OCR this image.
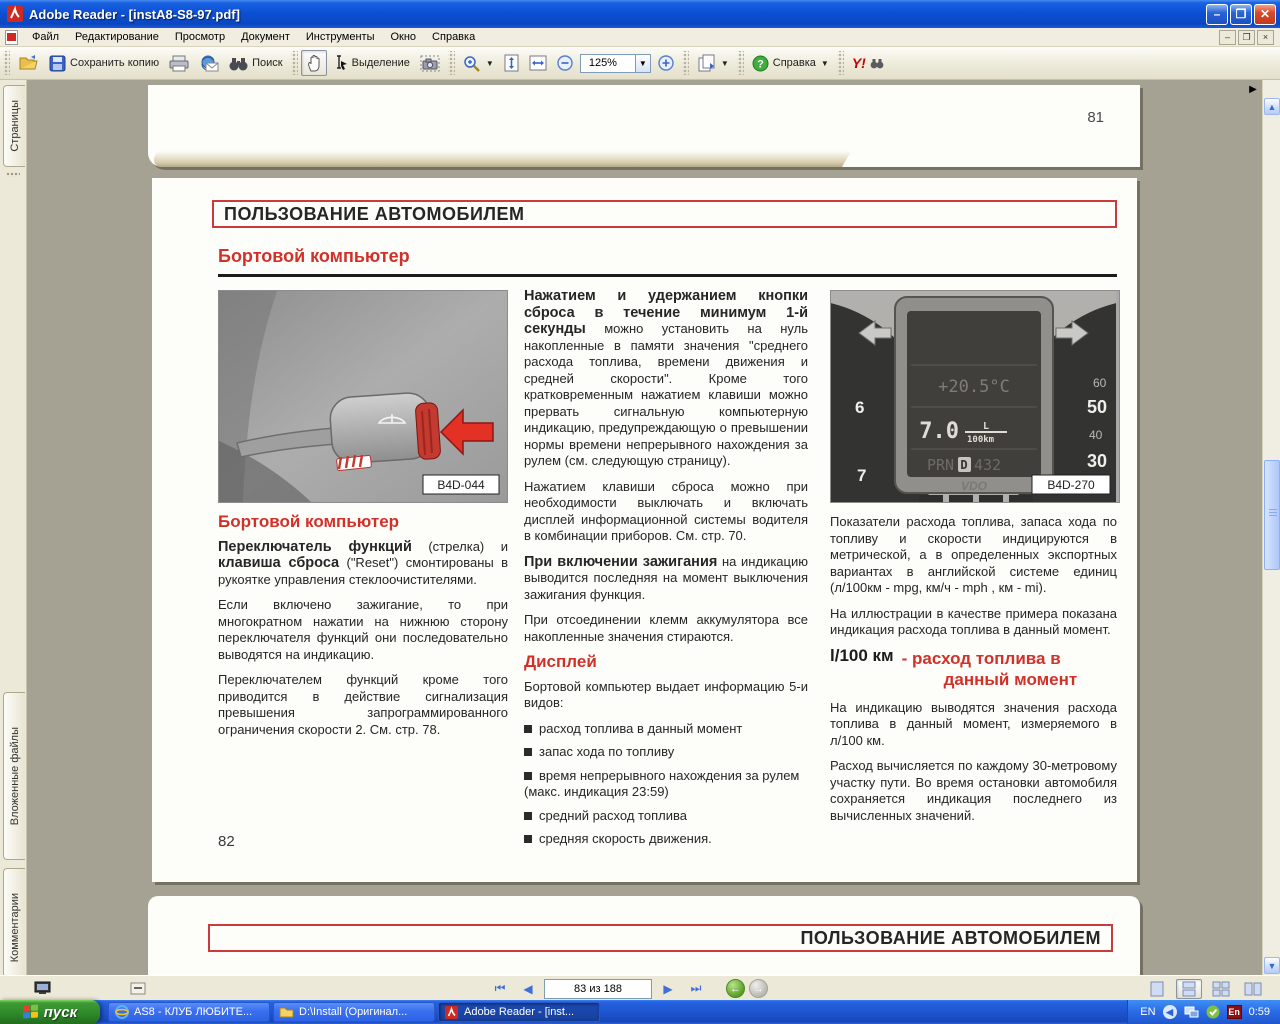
Adobe Reader - [instA8-S8-97.pdf]	–	❐	✕
Файл	Редактирование	Просмотр	Документ	Инструменты	Окно	Справка	–	❐	×
Сохранить копию	Поиск	Выделение	▼	125%	▼	▼	? Справка ▼ Y!
Страницы
Вложенные файлы
Комментарии
81
ПОЛЬЗОВАНИЕ АВТОМОБИЛЕМ
Бортовой компьютер
B4D-044
Бортовой компьютер

Переключатель функций (стрелка) и клавиша сброса ("Reset") смонтированы в рукоятке управления стеклоочистителями.

Если включено зажигание, то при многократном нажатии на нижнюю сторону переключателя функций они последовательно выводятся на индикацию.

Переключателем функций кроме того приводится в действие сигнализация превышения запрограммированного ограничения скорости 2. См. стр. 78.

Нажатием и удержанием кнопки сброса в течение минимум 1-й секунды можно установить на нуль накопленные в памяти значения "среднего расхода топлива, времени движения и средней скорости". Кроме того кратковременным нажатием клавиши можно прервать сигнальную компьютерную индикацию, предупреждающую о превышении нормы времени непрерывного нахождения за рулем (см. следующую страницу).

Нажатием клавиши сброса можно при необходимости выключать и включать дисплей информационной системы водителя в комбинации приборов. См. стр. 70.

При включении зажигания на индикацию выводится последняя на момент выключения зажигания функция.

При отсоединении клемм аккумулятора все накопленные значения стираются.

Дисплей

Бортовой компьютер выдает информацию 5-и видов:

расход топлива в данный момент
запас хода по топливу
время непрерывного нахождения за рулем (макс. индикация 23:59)
средний расход топлива
средняя скорость движения.
6
7
60
50
40
30
+20.5°C
7.0 L
100km
PRN D 432
VDO	B4D-270

Показатели расхода топлива, запаса хода по топливу и скорости индицируются в метрической, а в определенных экспортных вариантах в английской системе единиц (л/100км - mpg, км/ч - mph , км - mi).

На иллюстрации в качестве примера показана индикация расхода топлива в данный момент.

l/100 км - расход топлива в
данный момент

На индикацию выводятся значения расхода топлива в данный момент, измеряемого в л/100 км.

Расход вычисляется по каждому 30-метровому участку пути. Во время остановки автомобиля сохраняется индикация последнего из вычисленных значений.

82
ПОЛЬЗОВАНИЕ АВТОМОБИЛЕМ
▶
▲
▼
⏮ ◀	83 из 188	▶ ⏭	←	→
пуск	AS8 - КЛУБ ЛЮБИТЕ...	D:\Install (Оригинал...	Adobe Reader - [inst...	EN	◀	En 0:59
